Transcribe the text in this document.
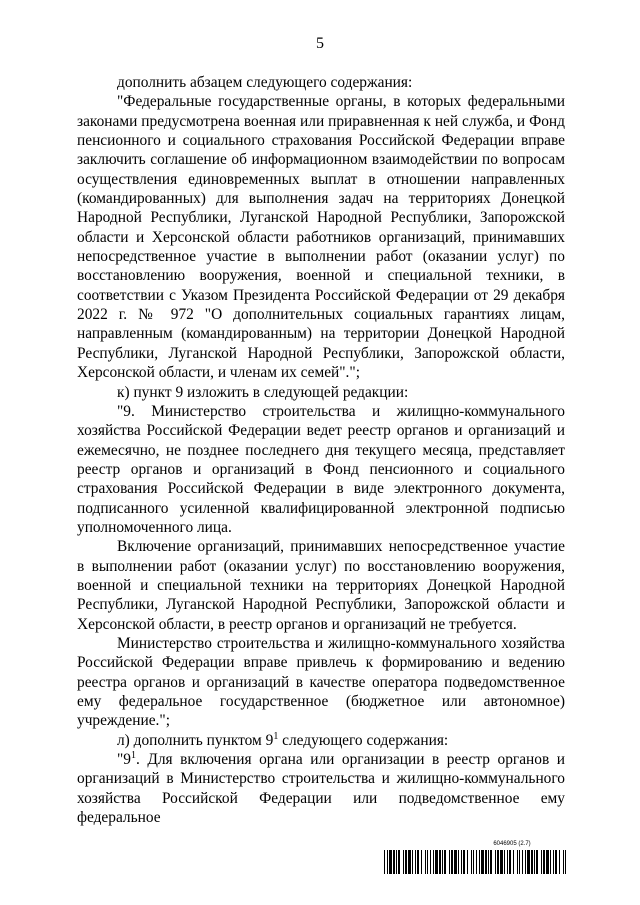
5

дополнить абзацем следующего содержания:

"Федеральные государственные органы, в которых федеральными законами предусмотрена военная или приравненная к ней служба, и Фонд пенсионного и социального страхования Российской Федерации вправе заключить соглашение об информационном взаимодействии по вопросам осуществления единовременных выплат в отношении направленных (командированных) для выполнения задач на территориях Донецкой Народной Республики, Луганской Народной Республики, Запорожской области и Херсонской области работников организаций, принимавших непосредственное участие в выполнении работ (оказании услуг) по восстановлению вооружения, военной и специальной техники, в соответствии с Указом Президента Российской Федерации от 29 декабря 2022 г. № 972 "О дополнительных социальных гарантиях лицам, направленным (командированным) на территории Донецкой Народной Республики, Луганской Народной Республики, Запорожской области, Херсонской области, и членам их семей".";

к) пункт 9 изложить в следующей редакции:

"9. Министерство строительства и жилищно-коммунального хозяйства Российской Федерации ведет реестр органов и организаций и ежемесячно, не позднее последнего дня текущего месяца, представляет реестр органов и организаций в Фонд пенсионного и социального страхования Российской Федерации в виде электронного документа, подписанного усиленной квалифицированной электронной подписью уполномоченного лица.

Включение организаций, принимавших непосредственное участие в выполнении работ (оказании услуг) по восстановлению вооружения, военной и специальной техники на территориях Донецкой Народной Республики, Луганской Народной Республики, Запорожской области и Херсонской области, в реестр органов и организаций не требуется.

Министерство строительства и жилищно-коммунального хозяйства Российской Федерации вправе привлечь к формированию и ведению реестра органов и организаций в качестве оператора подведомственное ему федеральное государственное (бюджетное или автономное) учреждение.";

л) дополнить пунктом $9^1$ следующего содержания:

"$9^1$. Для включения органа или организации в реестр органов и организаций в Министерство строительства и жилищно-коммунального хозяйства Российской Федерации или подведомственное ему федеральное

6046905 (2.7)
